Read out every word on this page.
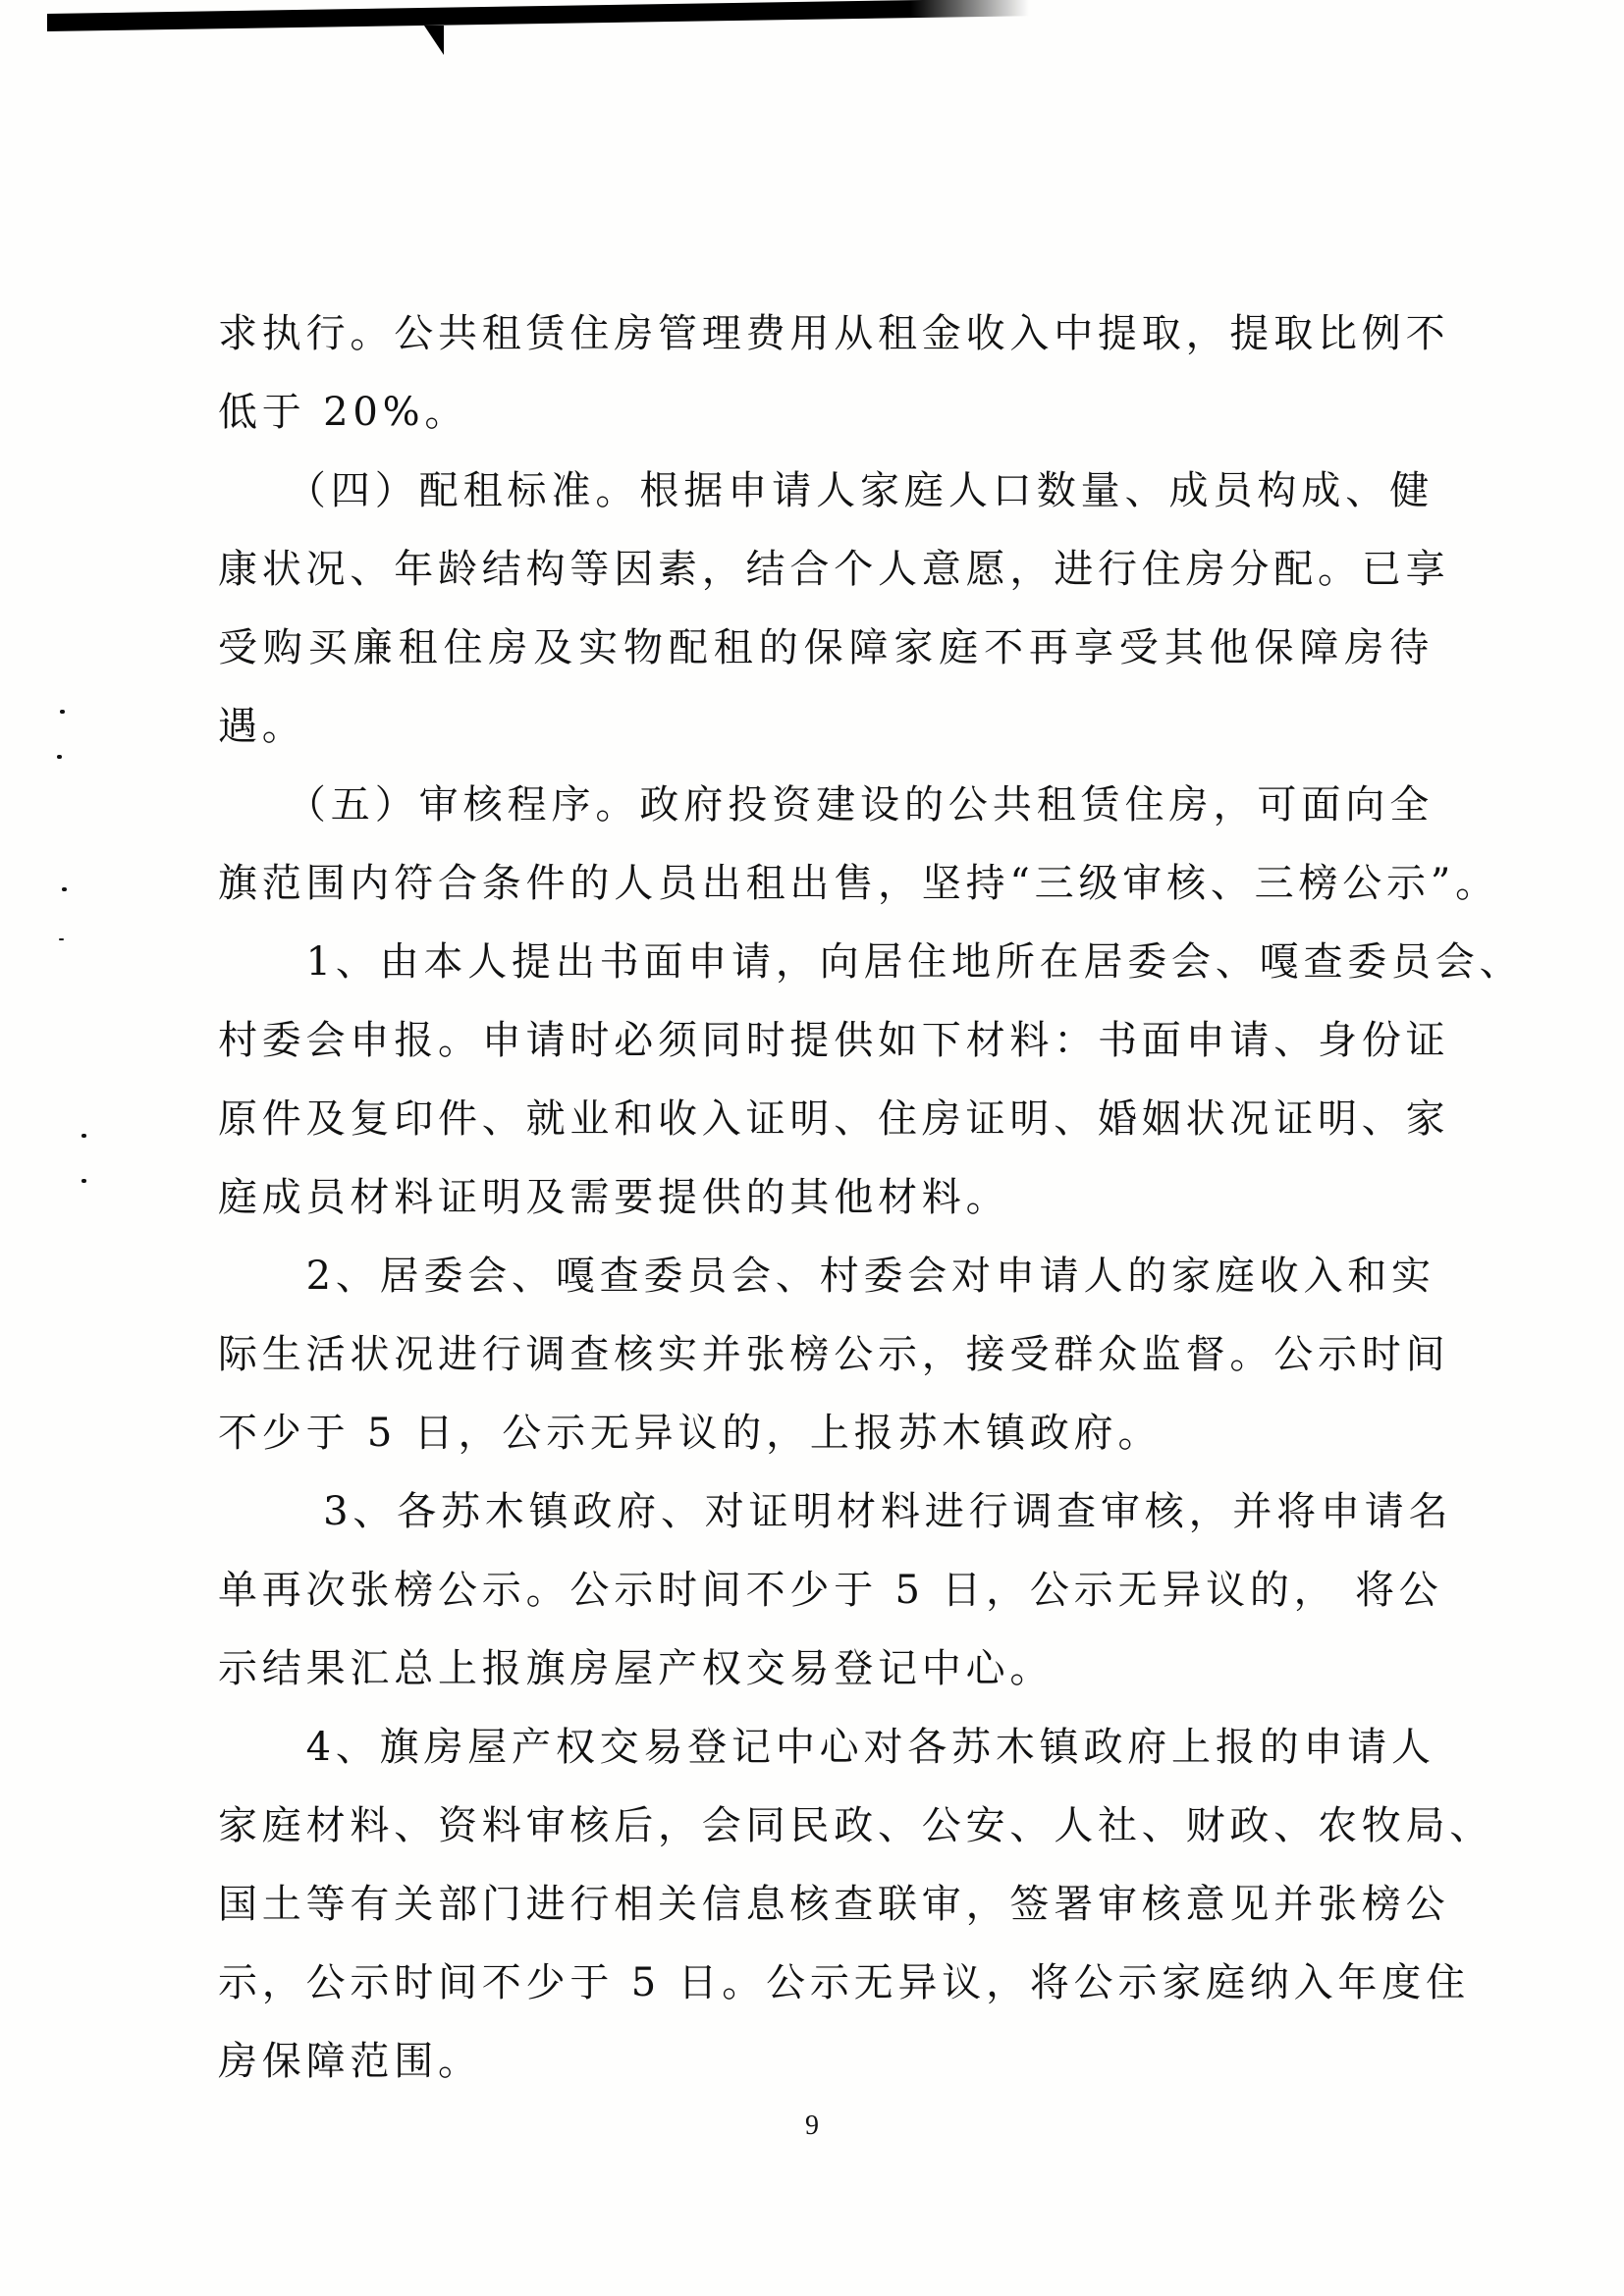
求执行。公共租赁住房管理费用从租金收入中提取，提取比例不
低于 20%。
　　（四）配租标准。根据申请人家庭人口数量、成员构成、健
康状况、年龄结构等因素，结合个人意愿，进行住房分配。已享
受购买廉租住房及实物配租的保障家庭不再享受其他保障房待
遇。
　　（五）审核程序。政府投资建设的公共租赁住房，可面向全
旗范围内符合条件的人员出租出售，坚持“三级审核、三榜公示”。
　　1、由本人提出书面申请，向居住地所在居委会、嘎查委员会、
村委会申报。申请时必须同时提供如下材料：书面申请、身份证
原件及复印件、就业和收入证明、住房证明、婚姻状况证明、家
庭成员材料证明及需要提供的其他材料。
　　2、居委会、嘎查委员会、村委会对申请人的家庭收入和实
际生活状况进行调查核实并张榜公示，接受群众监督。公示时间
不少于 5 日，公示无异议的，上报苏木镇政府。
　　 3、各苏木镇政府、对证明材料进行调查审核，并将申请名
单再次张榜公示。公示时间不少于 5 日，公示无异议的， 将公
示结果汇总上报旗房屋产权交易登记中心。
　　4、旗房屋产权交易登记中心对各苏木镇政府上报的申请人
家庭材料、资料审核后，会同民政、公安、人社、财政、农牧局、
国土等有关部门进行相关信息核查联审，签署审核意见并张榜公
示，公示时间不少于 5 日。公示无异议，将公示家庭纳入年度住
房保障范围。
9
